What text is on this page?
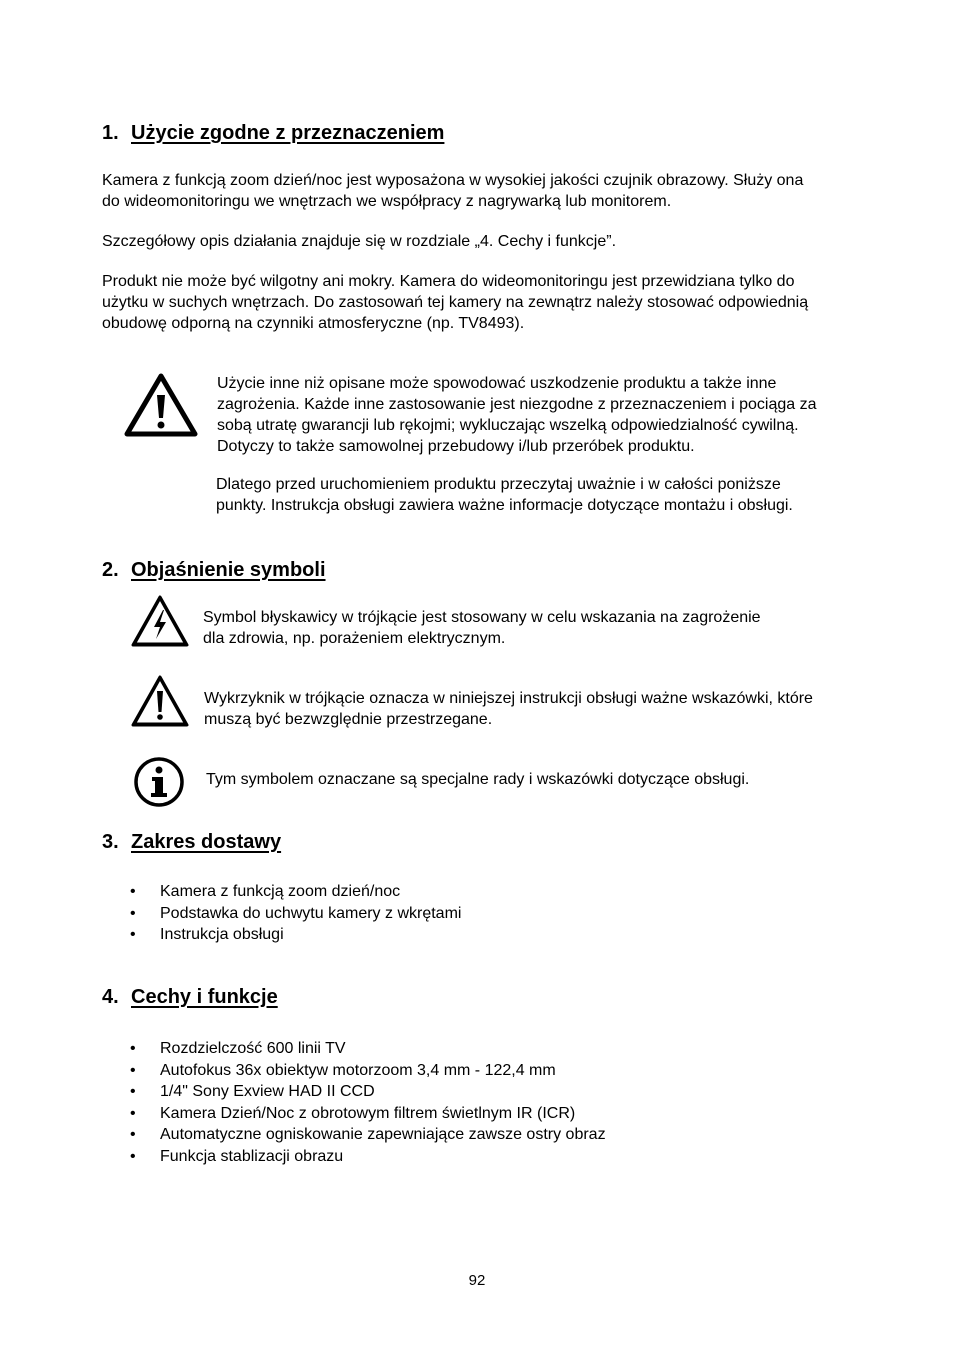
1. Użycie zgodne z przeznaczeniem
Kamera z funkcją zoom dzień/noc jest wyposażona w wysokiej jakości czujnik obrazowy. Służy ona
do wideomonitoringu we wnętrzach we współpracy z nagrywarką lub monitorem.
Szczegółowy opis działania znajduje się w rozdziale „4. Cechy i funkcje”.
Produkt nie może być wilgotny ani mokry. Kamera do wideomonitoringu jest przewidziana tylko do
użytku w suchych wnętrzach. Do zastosowań tej kamery na zewnątrz należy stosować odpowiednią
obudowę odporną na czynniki atmosferyczne (np. TV8493).
Użycie inne niż opisane może spowodować uszkodzenie produktu a także inne
zagrożenia. Każde inne zastosowanie jest niezgodne z przeznaczeniem i pociąga za
sobą utratę gwarancji lub rękojmi; wykluczając wszelką odpowiedzialność cywilną.
Dotyczy to także samowolnej przebudowy i/lub przeróbek produktu.
Dlatego przed uruchomieniem produktu przeczytaj uważnie i w całości poniższe
punkty. Instrukcja obsługi zawiera ważne informacje dotyczące montażu i obsługi.
2. Objaśnienie symboli
Symbol błyskawicy w trójkącie jest stosowany w celu wskazania na zagrożenie
dla zdrowia, np. porażeniem elektrycznym.
Wykrzyknik w trójkącie oznacza w niniejszej instrukcji obsługi ważne wskazówki, które
muszą być bezwzględnie przestrzegane.
Tym symbolem oznaczane są specjalne rady i wskazówki dotyczące obsługi.
3. Zakres dostawy
• Kamera z funkcją zoom dzień/noc
• Podstawka do uchwytu kamery z wkrętami
• Instrukcja obsługi
4. Cechy i funkcje
• Rozdzielczość 600 linii TV
• Autofokus 36x obiektyw motorzoom 3,4 mm - 122,4 mm
• 1/4" Sony Exview HAD II CCD
• Kamera Dzień/Noc z obrotowym filtrem świetlnym IR (ICR)
• Automatyczne ogniskowanie zapewniające zawsze ostry obraz
• Funkcja stablizacji obrazu
92
